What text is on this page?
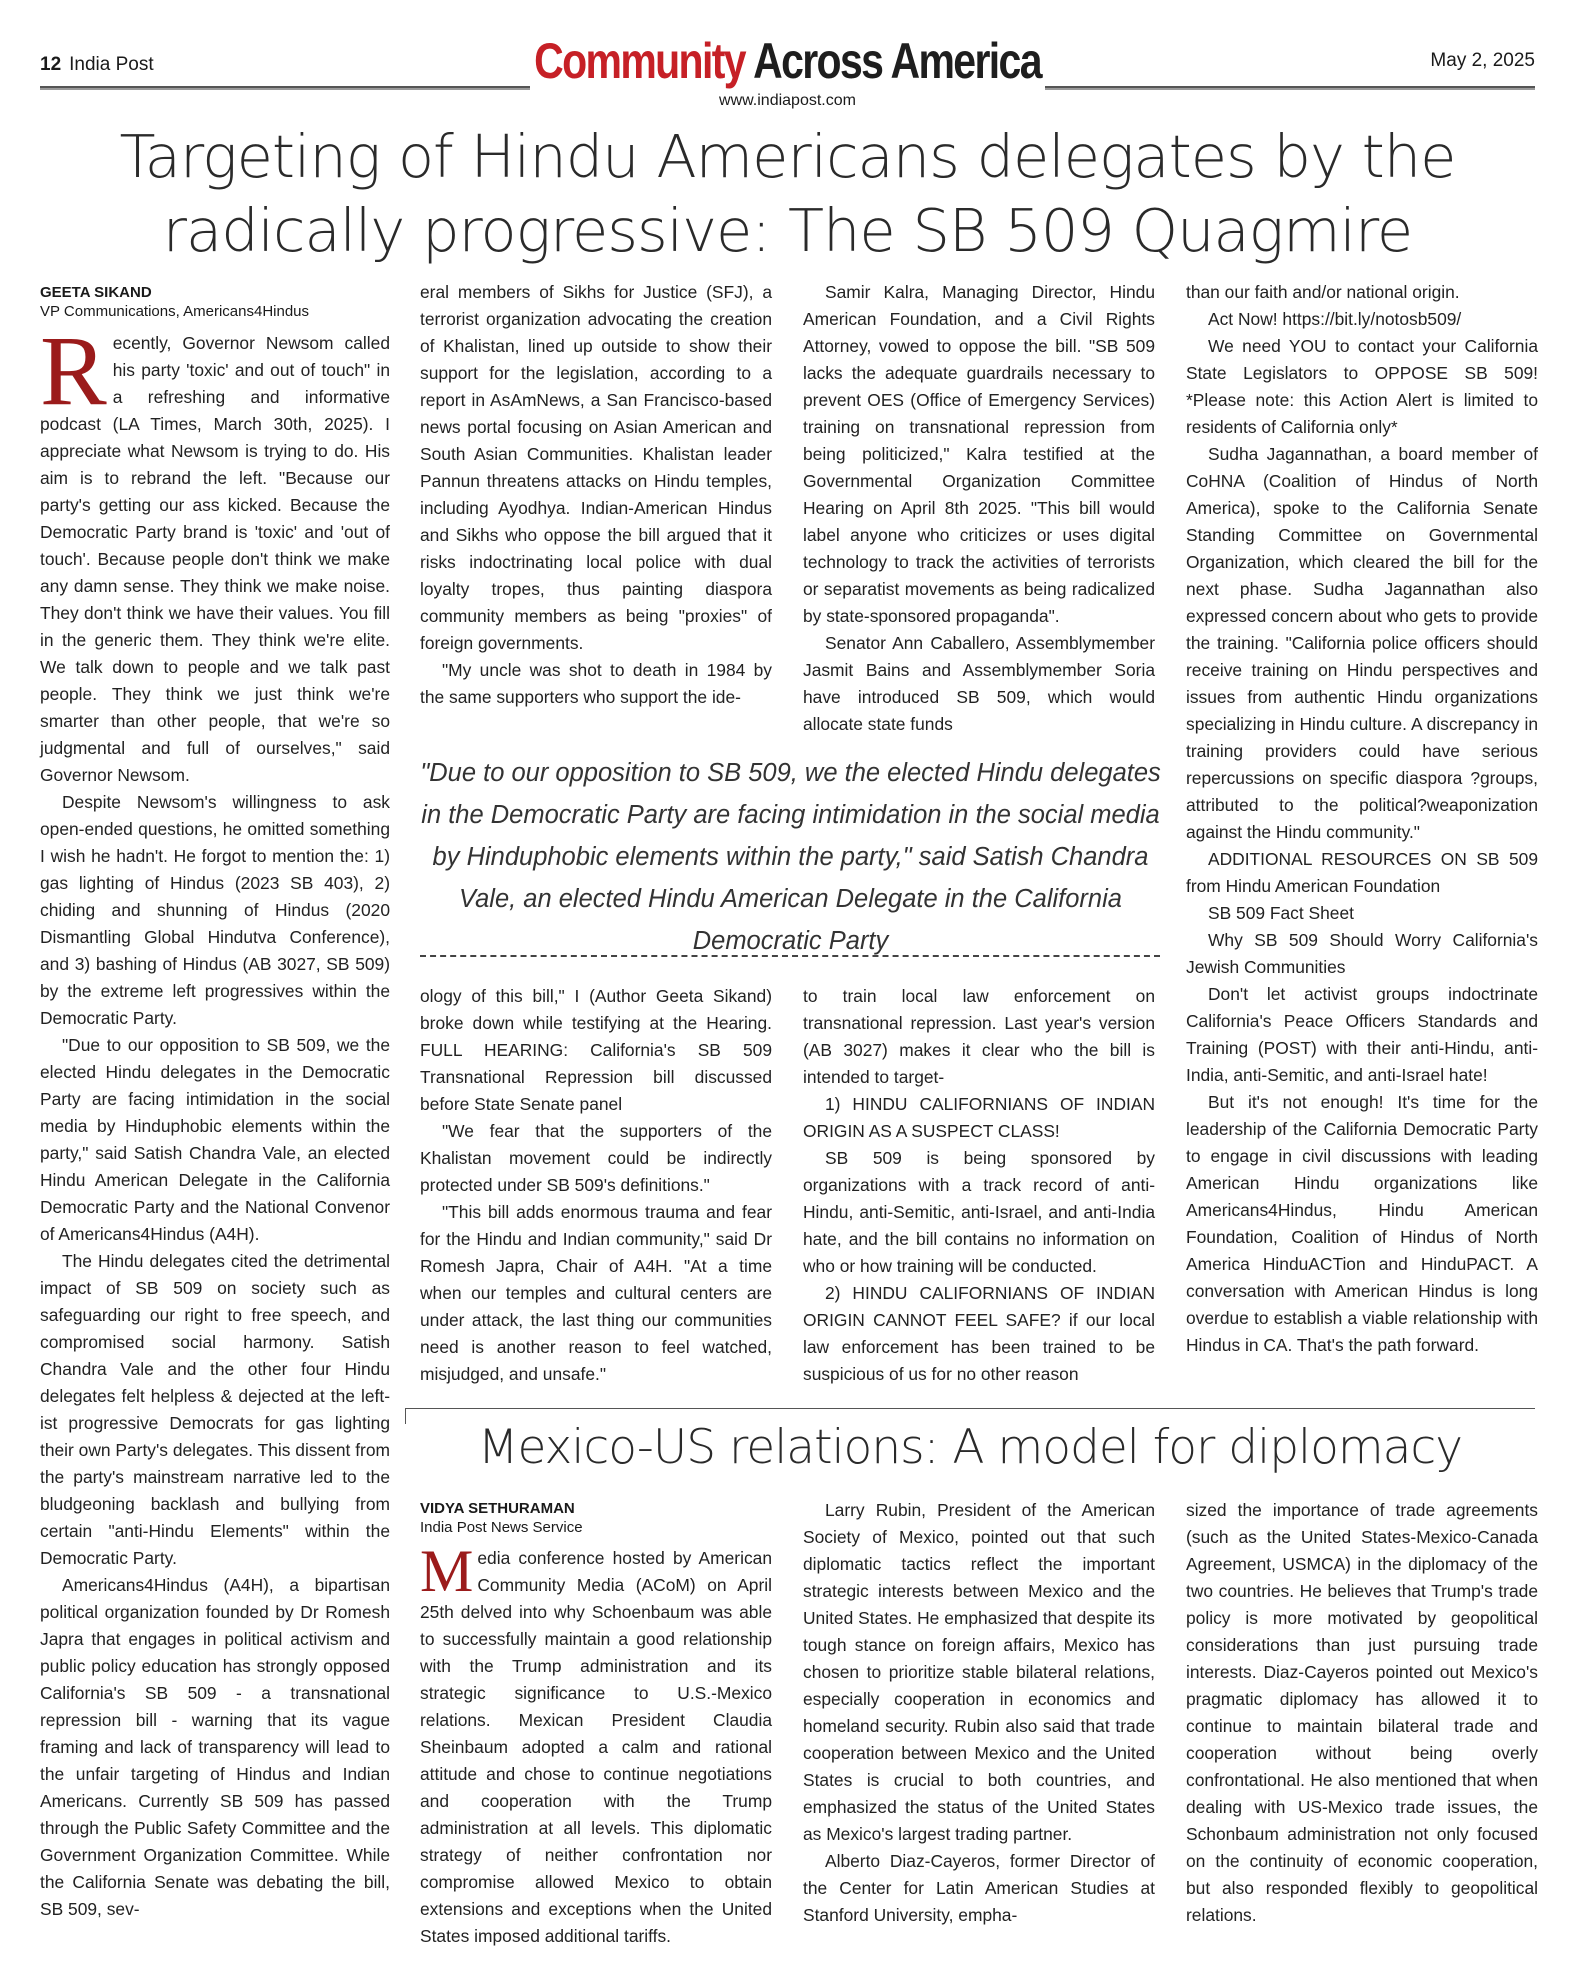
12 India Post	Community Across America
www.indiapost.com
May 2, 2025
Targeting of Hindu Americans delegates by the
radically progressive: The SB 509 Quagmire
GEETA SIKAND
VP Communications, Americans4Hindus

Recently, Governor Newsom called his party 'toxic' and out of touch" in a refreshing and informative podcast (LA Times, March 30th, 2025). I appreciate what Newsom is trying to do. His aim is to rebrand the left. "Because our party's getting our ass kicked. Because the Democratic Party brand is 'toxic' and 'out of touch'. Because people don't think we make any damn sense. They think we make noise. They don't think we have their values. You fill in the generic them. They think we're elite. We talk down to people and we talk past people. They think we just think we're smarter than other people, that we're so judgmental and full of ourselves," said Governor Newsom.

Despite Newsom's willingness to ask open-ended questions, he omitted something I wish he hadn't. He forgot to mention the: 1) gas lighting of Hindus (2023 SB 403), 2) chiding and shunning of Hindus (2020 Dismantling Global Hindutva Conference), and 3) bashing of Hindus (AB 3027, SB 509) by the extreme left progressives within the Democratic Party.

"Due to our opposition to SB 509, we the elected Hindu delegates in the Democratic Party are facing intimidation in the social media by Hinduphobic elements within the party," said Satish Chandra Vale, an elected Hindu American Delegate in the California Democratic Party and the National Convenor of Americans4Hindus (A4H).

The Hindu delegates cited the detrimental impact of SB 509 on society such as safeguarding our right to free speech, and compromised social harmony. Satish Chandra Vale and the other four Hindu delegates felt helpless & dejected at the left-ist progressive Democrats for gas lighting their own Party's delegates. This dissent from the party's mainstream narrative led to the bludgeoning backlash and bullying from certain "anti-Hindu Elements" within the Democratic Party.

Americans4Hindus (A4H), a bipartisan political organization founded by Dr Romesh Japra that engages in political activism and public policy education has strongly opposed California's SB 509 - a transnational repression bill - warning that its vague framing and lack of transparency will lead to the unfair targeting of Hindus and Indian Americans. Currently SB 509 has passed through the Public Safety Committee and the Government Organization Committee. While the California Senate was debating the bill, SB 509, sev-

eral members of Sikhs for Justice (SFJ), a terrorist organization advocating the creation of Khalistan, lined up outside to show their support for the legislation, according to a report in AsAmNews, a San Francisco-based news portal focusing on Asian American and South Asian Communities. Khalistan leader Pannun threatens attacks on Hindu temples, including Ayodhya. Indian-American Hindus and Sikhs who oppose the bill argued that it risks indoctrinating local police with dual loyalty tropes, thus painting diaspora community members as being "proxies" of foreign governments.

"My uncle was shot to death in 1984 by the same supporters who support the ide-

Samir Kalra, Managing Director, Hindu American Foundation, and a Civil Rights Attorney, vowed to oppose the bill. "SB 509 lacks the adequate guardrails necessary to prevent OES (Office of Emergency Services) training on transnational repression from being politicized," Kalra testified at the Governmental Organization Committee Hearing on April 8th 2025. "This bill would label anyone who criticizes or uses digital technology to track the activities of terrorists or separatist movements as being radicalized by state-sponsored propaganda".

Senator Ann Caballero, Assemblymember Jasmit Bains and Assemblymember Soria have introduced SB 509, which would allocate state funds

"Due to our opposition to SB 509, we the elected Hindu delegates in the Democratic Party are facing intimidation in the social media by Hinduphobic elements within the party," said Satish Chandra Vale, an elected Hindu American Delegate in the California Democratic Party

ology of this bill," I (Author Geeta Sikand) broke down while testifying at the Hearing. FULL HEARING: California's SB 509 Transnational Repression bill discussed before State Senate panel

"We fear that the supporters of the Khalistan movement could be indirectly protected under SB 509's definitions."

"This bill adds enormous trauma and fear for the Hindu and Indian community," said Dr Romesh Japra, Chair of A4H. "At a time when our temples and cultural centers are under attack, the last thing our communities need is another reason to feel watched, misjudged, and unsafe."

to train local law enforcement on transnational repression. Last year's version (AB 3027) makes it clear who the bill is intended to target-

1) HINDU CALIFORNIANS OF INDIAN ORIGIN AS A SUSPECT CLASS!

SB 509 is being sponsored by organizations with a track record of anti-Hindu, anti-Semitic, anti-Israel, and anti-India hate, and the bill contains no information on who or how training will be conducted.

2) HINDU CALIFORNIANS OF INDIAN ORIGIN CANNOT FEEL SAFE? if our local law enforcement has been trained to be suspicious of us for no other reason

than our faith and/or national origin.

Act Now! https://bit.ly/notosb509/

We need YOU to contact your California State Legislators to OPPOSE SB 509! *Please note: this Action Alert is limited to residents of California only*

Sudha Jagannathan, a board member of CoHNA (Coalition of Hindus of North America), spoke to the California Senate Standing Committee on Governmental Organization, which cleared the bill for the next phase. Sudha Jagannathan also expressed concern about who gets to provide the training. "California police officers should receive training on Hindu perspectives and issues from authentic Hindu organizations specializing in Hindu culture. A discrepancy in training providers could have serious repercussions on specific diaspora ?groups, attributed to the political?weaponization against the Hindu community."

ADDITIONAL RESOURCES ON SB 509 from Hindu American Foundation

SB 509 Fact Sheet

Why SB 509 Should Worry California's Jewish Communities

Don't let activist groups indoctrinate California's Peace Officers Standards and Training (POST) with their anti-Hindu, anti-India, anti-Semitic, and anti-Israel hate!

But it's not enough! It's time for the leadership of the California Democratic Party to engage in civil discussions with leading American Hindu organizations like Americans4Hindus, Hindu American Foundation, Coalition of Hindus of North America HinduACTion and HinduPACT. A conversation with American Hindus is long overdue to establish a viable relationship with Hindus in CA. That's the path forward.

Mexico-US relations: A model for diplomacy
VIDYA SETHURAMAN
India Post News Service

Media conference hosted by American Community Media (ACoM) on April 25th delved into why Schoenbaum was able to successfully maintain a good relationship with the Trump administration and its strategic significance to U.S.-Mexico relations. Mexican President Claudia Sheinbaum adopted a calm and rational attitude and chose to continue negotiations and cooperation with the Trump administration at all levels. This diplomatic strategy of neither confrontation nor compromise allowed Mexico to obtain extensions and exceptions when the United States imposed additional tariffs.

Larry Rubin, President of the American Society of Mexico, pointed out that such diplomatic tactics reflect the important strategic interests between Mexico and the United States. He emphasized that despite its tough stance on foreign affairs, Mexico has chosen to prioritize stable bilateral relations, especially cooperation in economics and homeland security. Rubin also said that trade cooperation between Mexico and the United States is crucial to both countries, and emphasized the status of the United States as Mexico's largest trading partner.

Alberto Diaz-Cayeros, former Director of the Center for Latin American Studies at Stanford University, empha-

sized the importance of trade agreements (such as the United States-Mexico-Canada Agreement, USMCA) in the diplomacy of the two countries. He believes that Trump's trade policy is more motivated by geopolitical considerations than just pursuing trade interests. Diaz-Cayeros pointed out Mexico's pragmatic diplomacy has allowed it to continue to maintain bilateral trade and cooperation without being overly confrontational. He also mentioned that when dealing with US-Mexico trade issues, the Schonbaum administration not only focused on the continuity of economic cooperation, but also responded flexibly to geopolitical relations.
